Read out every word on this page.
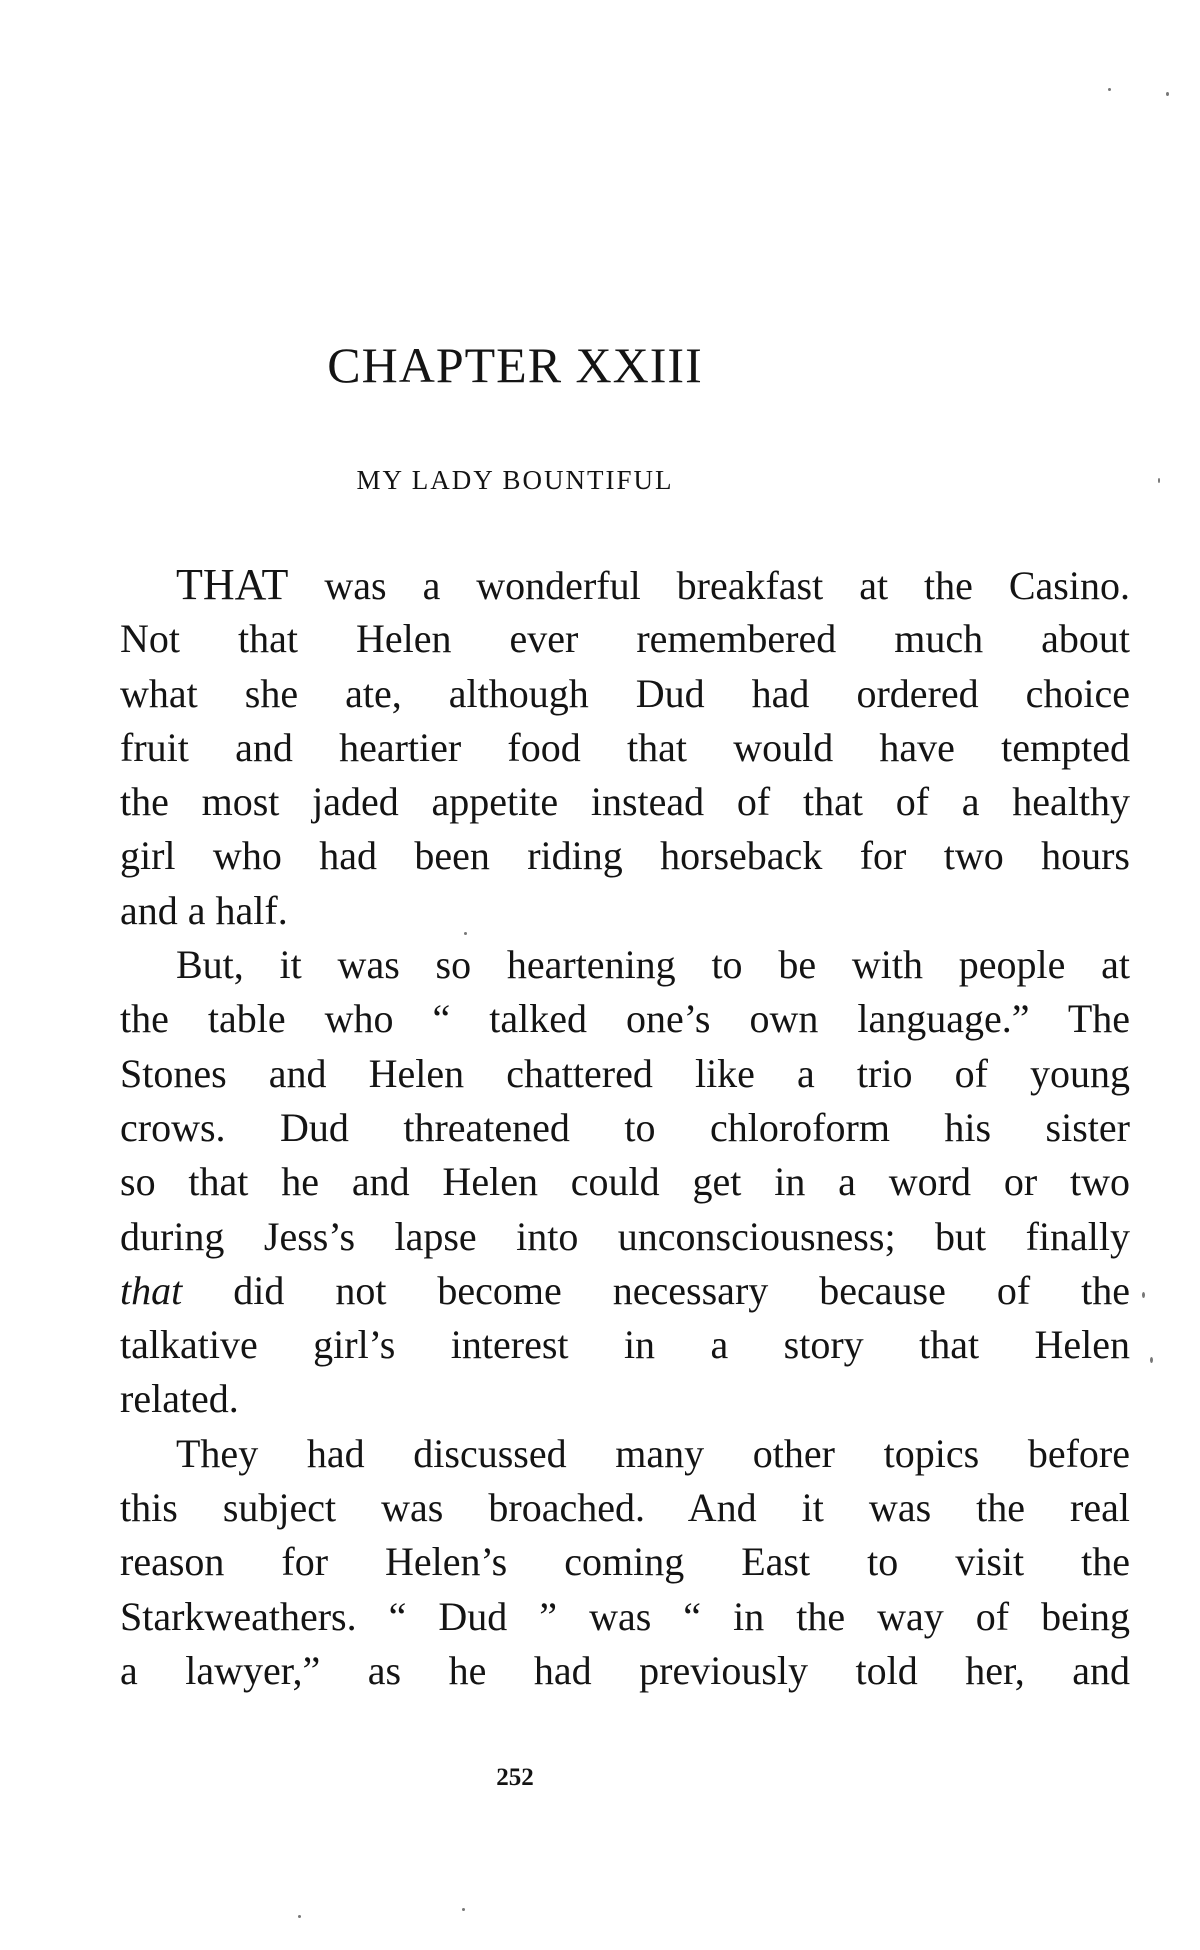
CHAPTER XXIII
MY LADY BOUNTIFUL
THAT was a wonderful breakfast at the Casino.
Not that Helen ever remembered much about
what she ate, although Dud had ordered choice
fruit and heartier food that would have tempted
the most jaded appetite instead of that of a healthy
girl who had been riding horseback for two hours
and a half.
But, it was so heartening to be with people at
the table who “ talked one’s own language.” The
Stones and Helen chattered like a trio of young
crows. Dud threatened to chloroform his sister
so that he and Helen could get in a word or two
during Jess’s lapse into unconsciousness; but finally
that did not become necessary because of the
talkative girl’s interest in a story that Helen
related.
They had discussed many other topics before
this subject was broached. And it was the real
reason for Helen’s coming East to visit the
Starkweathers. “ Dud ” was “ in the way of being
a lawyer,” as he had previously told her, and
252
